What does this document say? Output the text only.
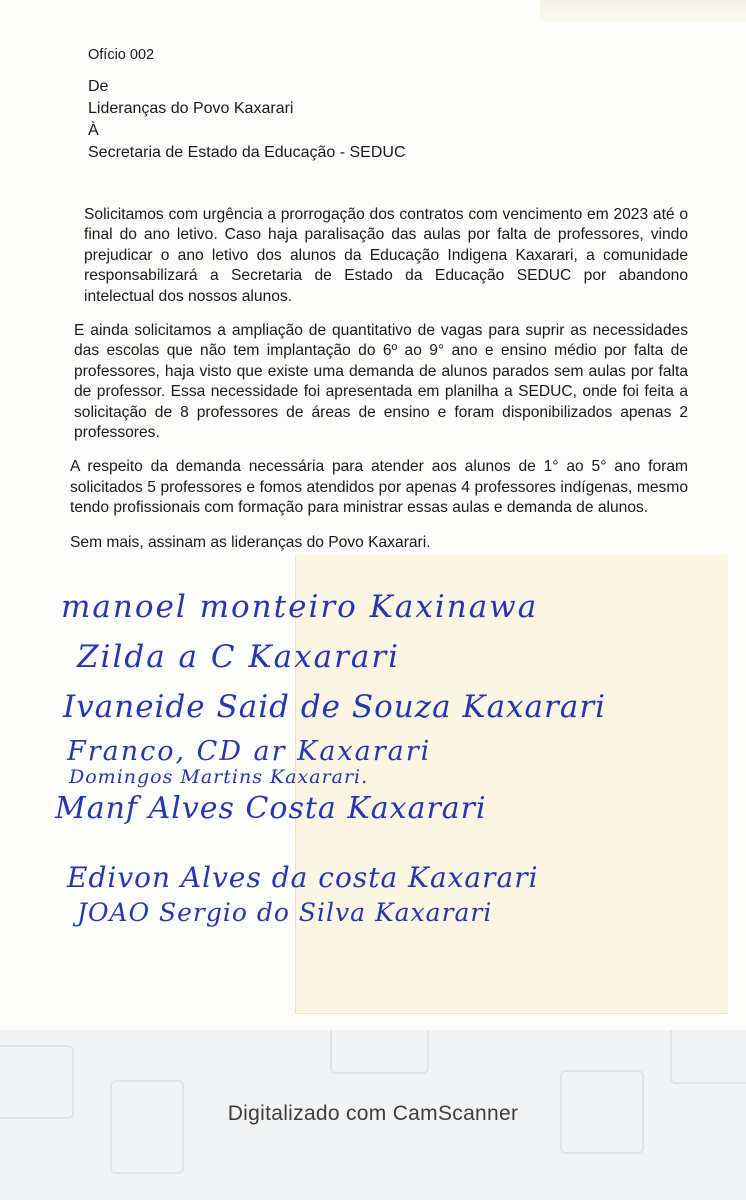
Ofício 002
De
Lideranças do Povo Kaxarari
À
Secretaria de Estado da Educação - SEDUC

Solicitamos com urgência a prorrogação dos contratos com vencimento em 2023 até o final do ano letivo. Caso haja paralisação das aulas por falta de professores, vindo prejudicar o ano letivo dos alunos da Educação Indigena Kaxarari, a comunidade responsabilizará a Secretaria de Estado da Educação SEDUC por abandono intelectual dos nossos alunos.

E ainda solicitamos a ampliação de quantitativo de vagas para suprir as necessidades das escolas que não tem implantação do 6º ao 9° ano e ensino médio por falta de professores, haja visto que existe uma demanda de alunos parados sem aulas por falta de professor. Essa necessidade foi apresentada em planilha a SEDUC, onde foi feita a solicitação de 8 professores de áreas de ensino e foram disponibilizados apenas 2 professores.

A respeito da demanda necessária para atender aos alunos de 1° ao 5° ano foram solicitados 5 professores e fomos atendidos por apenas 4 professores indígenas, mesmo tendo profissionais com formação para ministrar essas aulas e demanda de alunos.

Sem mais, assinam as lideranças do Povo Kaxarari.

manoel monteiro Kaxinawa
Zilda a C Kaxarari
Ivaneide Said de Souza Kaxarari
Franco, CD ar Kaxarari
Domingos Martins Kaxarari.
Manf Alves Costa Kaxarari
Edivon Alves da costa Kaxarari
JOAO Sergio do Silva Kaxarari
Digitalizado com CamScanner
